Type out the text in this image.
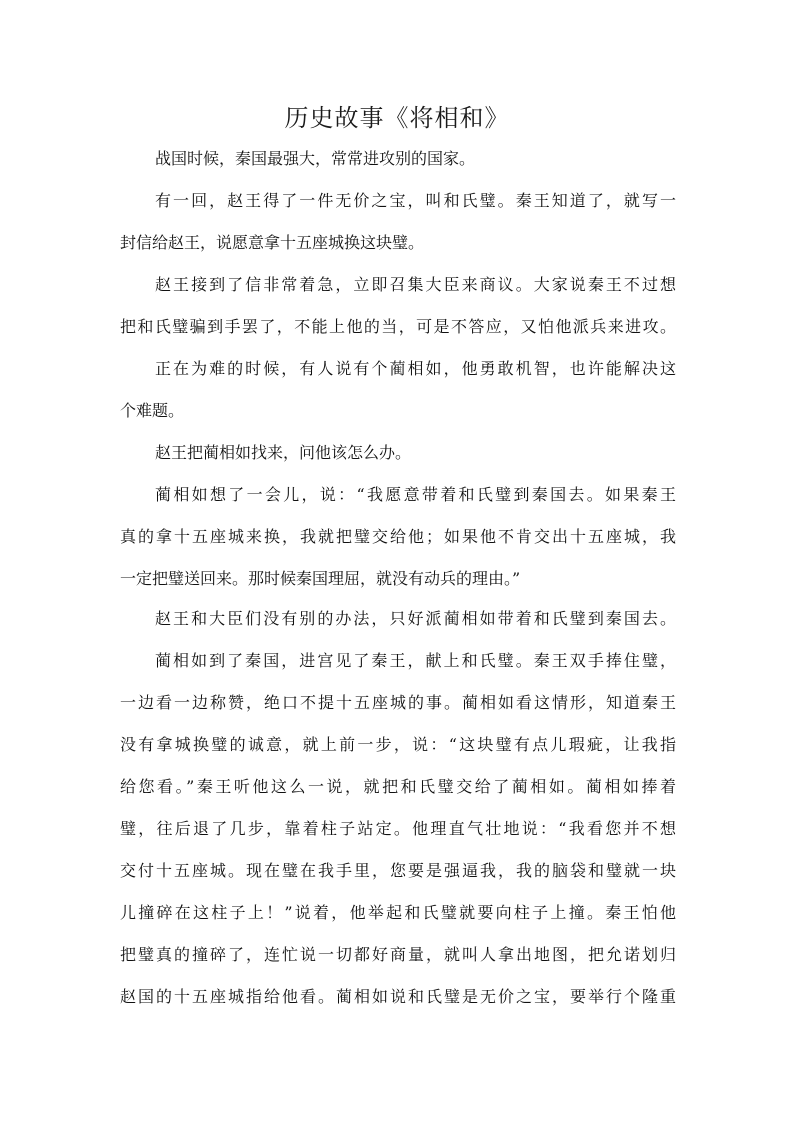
历史故事《将相和》
战国时候，秦国最强大，常常进攻别的国家。
有一回，赵王得了一件无价之宝，叫和氏璧。秦王知道了，就写一
封信给赵王，说愿意拿十五座城换这块璧。
赵王接到了信非常着急，立即召集大臣来商议。大家说秦王不过想
把和氏璧骗到手罢了，不能上他的当，可是不答应，又怕他派兵来进攻。
正在为难的时候，有人说有个蔺相如，他勇敢机智，也许能解决这
个难题。
赵王把蔺相如找来，问他该怎么办。
蔺相如想了一会儿，说：“我愿意带着和氏璧到秦国去。如果秦王
真的拿十五座城来换，我就把璧交给他；如果他不肯交出十五座城，我
一定把璧送回来。那时候秦国理屈，就没有动兵的理由。”
赵王和大臣们没有别的办法，只好派蔺相如带着和氏璧到秦国去。
蔺相如到了秦国，进宫见了秦王，献上和氏璧。秦王双手捧住璧，
一边看一边称赞，绝口不提十五座城的事。蔺相如看这情形，知道秦王
没有拿城换璧的诚意，就上前一步，说：“这块璧有点儿瑕疵，让我指
给您看。”秦王听他这么一说，就把和氏璧交给了蔺相如。蔺相如捧着
璧，往后退了几步，靠着柱子站定。他理直气壮地说：“我看您并不想
交付十五座城。现在璧在我手里，您要是强逼我，我的脑袋和璧就一块
儿撞碎在这柱子上！”说着，他举起和氏璧就要向柱子上撞。秦王怕他
把璧真的撞碎了，连忙说一切都好商量，就叫人拿出地图，把允诺划归
赵国的十五座城指给他看。蔺相如说和氏璧是无价之宝，要举行个隆重
